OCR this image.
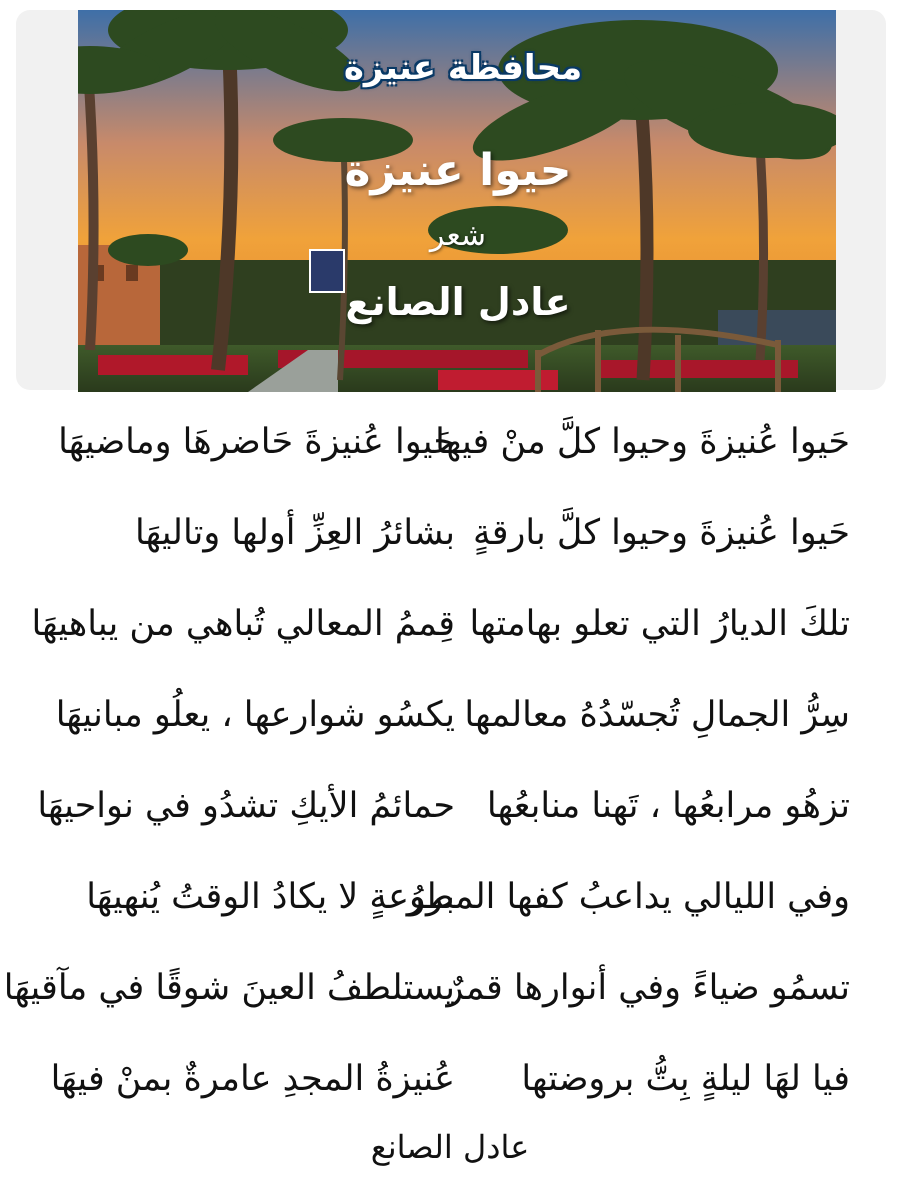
محافظة عنيزة
حيوا عنيزة
شعر
عادل الصانع
حَيوا عُنيزةَ وحيوا كلَّ منْ فيها
حَيوا عُنيزةَ حَاضرهَا وماضيهَا
حَيوا عُنيزةَ وحيوا كلَّ بارقةٍ
بشائرُ العِزِّ أولها وتاليهَا
تلكَ الديارُ التي تعلو بهامتها
قِممُ المعالي تُباهي من يباهيهَا
سِرُّ الجمالِ تُجسّدُهُ معالمها
يكسُو شوارعها ، يعلُو مبانيهَا
تزهُو مرابعُها ، تَهنا منابعُها
حمائمُ الأيكِ تشدُو في نواحيهَا
وفي الليالي يداعبُ كفها المطرُ
بروعةٍ لا يكادُ الوقتُ يُنهيهَا
تسمُو ضياءً وفي أنوارها قمرٌ
يستلطفُ العينَ شوقًا في مآقيهَا
فيا لهَا ليلةٍ بِتُّ بروضتها
عُنيزةُ المجدِ عامرةٌ بمنْ فيهَا
عادل الصانع
